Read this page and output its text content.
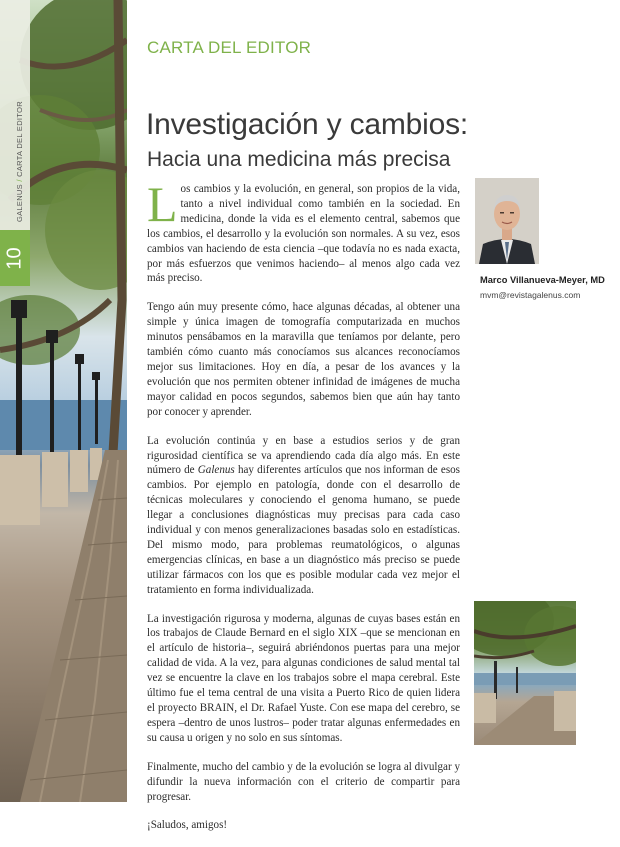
GALENUS / CARTA DEL EDITOR
10
CARTA DEL EDITOR
Investigación y cambios:
Hacia una medicina más precisa

Los cambios y la evolución, en general, son propios de la vida, tanto a nivel individual como también en la sociedad. En medicina, donde la vida es el elemento central, sabemos que los cambios, el desarrollo y la evolución son normales. A su vez, esos cambios van haciendo de esta ciencia –que todavía no es nada exacta, por más esfuerzos que venimos haciendo– al menos algo cada vez más preciso.

Tengo aún muy presente cómo, hace algunas décadas, al obtener una simple y única imagen de tomografía computarizada en muchos minutos pensábamos en la maravilla que teníamos por delante, pero también cómo cuanto más conocíamos sus alcances reconocíamos mejor sus limitaciones. Hoy en día, a pesar de los avances y la evolución que nos permiten obtener infinidad de imágenes de mucha mayor calidad en pocos segundos, sabemos bien que aún hay tanto por conocer y aprender.

La evolución continúa y en base a estudios serios y de gran rigurosidad científica se va aprendiendo cada día algo más. En este número de Galenus hay diferentes artículos que nos informan de esos cambios. Por ejemplo en patología, donde con el desarrollo de técnicas moleculares y conociendo el genoma humano, se puede llegar a conclusiones diagnósticas muy precisas para cada caso individual y con menos generalizaciones basadas solo en estadísticas. Del mismo modo, para problemas reumatológicos, o algunas emergencias clínicas, en base a un diagnóstico más preciso se puede utilizar fármacos con los que es posible modular cada vez mejor el tratamiento en forma individualizada.

La investigación rigurosa y moderna, algunas de cuyas bases están en los trabajos de Claude Bernard en el siglo XIX –que se mencionan en el artículo de historia–, seguirá abriéndonos puertas para una mejor calidad de vida. A la vez, para algunas condiciones de salud mental tal vez se encuentre la clave en los trabajos sobre el mapa cerebral. Este último fue el tema central de una visita a Puerto Rico de quien lidera el proyecto BRAIN, el Dr. Rafael Yuste. Con ese mapa del cerebro, se espera –dentro de unos lustros– poder tratar algunas enfermedades en su causa u origen y no solo en sus síntomas.

Finalmente, mucho del cambio y de la evolución se logra al divulgar y difundir la nueva información con el criterio de compartir para progresar.

¡Saludos, amigos!

Marco Villanueva-Meyer, MD
mvm@revistagalenus.com
